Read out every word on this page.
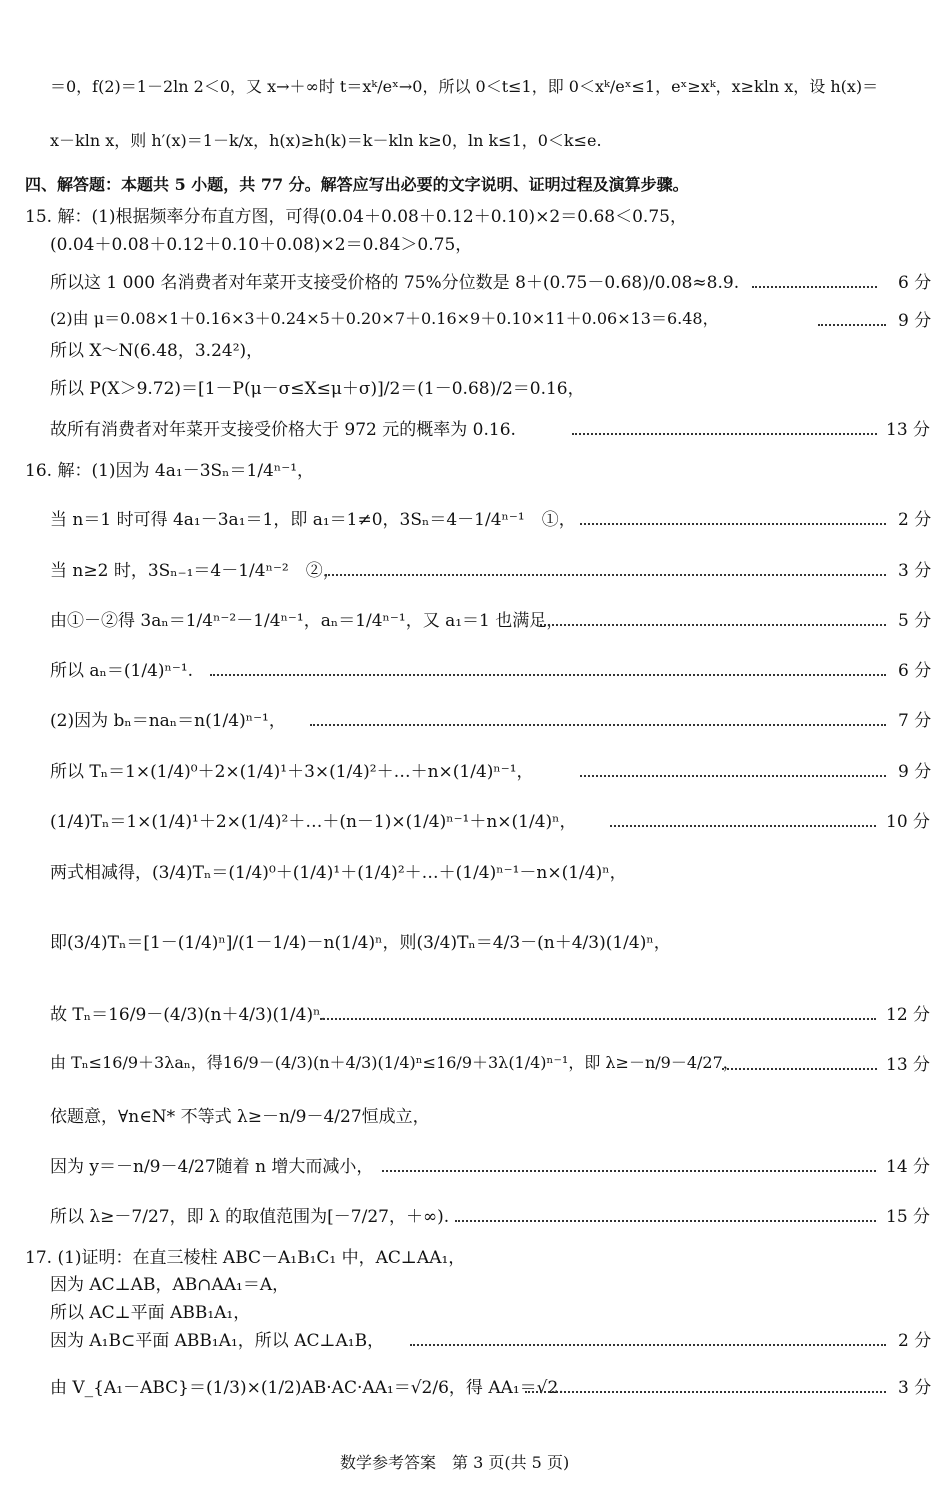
＝0，f(2)＝1－2ln 2＜0，又 x→＋∞时 t＝xᵏ/eˣ→0，所以 0＜t≤1，即 0＜xᵏ/eˣ≤1，eˣ≥xᵏ，x≥kln x，设 h(x)＝
x－kln x，则 h′(x)＝1－k/x，h(x)≥h(k)＝k－kln k≥0，ln k≤1，0＜k≤e.
四、解答题：本题共 5 小题，共 77 分。解答应写出必要的文字说明、证明过程及演算步骤。
15. 解：(1)根据频率分布直方图，可得(0.04＋0.08＋0.12＋0.10)×2＝0.68＜0.75，
(0.04＋0.08＋0.12＋0.10＋0.08)×2＝0.84＞0.75，
所以这 1 000 名消费者对年菜开支接受价格的 75%分位数是 8＋(0.75－0.68)/0.08≈8.9.	6 分
(2)由 μ＝0.08×1＋0.16×3＋0.24×5＋0.20×7＋0.16×9＋0.10×11＋0.06×13＝6.48，	9 分
所以 X～N(6.48，3.24²)，
所以 P(X＞9.72)＝[1－P(μ－σ≤X≤μ＋σ)]/2＝(1－0.68)/2＝0.16，
故所有消费者对年菜开支接受价格大于 972 元的概率为 0.16.	13 分
16. 解：(1)因为 4a₁－3Sₙ＝1/4ⁿ⁻¹，
当 n＝1 时可得 4a₁－3a₁＝1，即 a₁＝1≠0，3Sₙ＝4－1/4ⁿ⁻¹　①，	2 分
当 n≥2 时，3Sₙ₋₁＝4－1/4ⁿ⁻²　②，	3 分
由①－②得 3aₙ＝1/4ⁿ⁻²－1/4ⁿ⁻¹，aₙ＝1/4ⁿ⁻¹，又 a₁＝1 也满足，	5 分
所以 aₙ＝(1/4)ⁿ⁻¹.	6 分
(2)因为 bₙ＝naₙ＝n(1/4)ⁿ⁻¹，	7 分
所以 Tₙ＝1×(1/4)⁰＋2×(1/4)¹＋3×(1/4)²＋…＋n×(1/4)ⁿ⁻¹，	9 分
(1/4)Tₙ＝1×(1/4)¹＋2×(1/4)²＋…＋(n－1)×(1/4)ⁿ⁻¹＋n×(1/4)ⁿ，	10 分
两式相减得，(3/4)Tₙ＝(1/4)⁰＋(1/4)¹＋(1/4)²＋…＋(1/4)ⁿ⁻¹－n×(1/4)ⁿ，
即(3/4)Tₙ＝[1－(1/4)ⁿ]/(1－1/4)－n(1/4)ⁿ，则(3/4)Tₙ＝4/3－(n＋4/3)(1/4)ⁿ，
故 Tₙ＝16/9－(4/3)(n＋4/3)(1/4)ⁿ.	12 分
由 Tₙ≤16/9＋3λaₙ，得16/9－(4/3)(n＋4/3)(1/4)ⁿ≤16/9＋3λ(1/4)ⁿ⁻¹，即 λ≥－n/9－4/27，	13 分
依题意，∀n∈N* 不等式 λ≥－n/9－4/27恒成立，
因为 y＝－n/9－4/27随着 n 增大而减小，	14 分
所以 λ≥－7/27，即 λ 的取值范围为[－7/27，＋∞).	15 分
17. (1)证明：在直三棱柱 ABC－A₁B₁C₁ 中，AC⊥AA₁，
因为 AC⊥AB，AB∩AA₁＝A，
所以 AC⊥平面 ABB₁A₁，
因为 A₁B⊂平面 ABB₁A₁，所以 AC⊥A₁B，	2 分
由 V_{A₁－ABC}＝(1/3)×(1/2)AB·AC·AA₁＝√2/6，得 AA₁＝√2.	3 分
数学参考答案　第 3 页(共 5 页)
